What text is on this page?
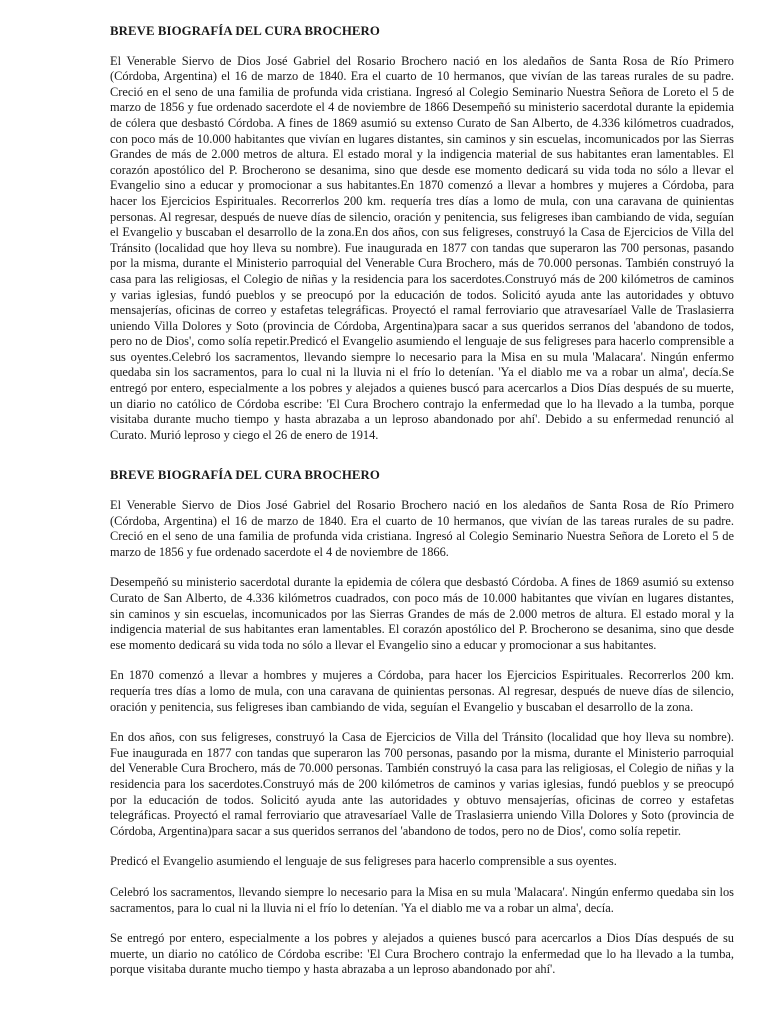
BREVE BIOGRAFÍA DEL CURA BROCHERO
El Venerable Siervo de Dios José Gabriel del Rosario Brochero nació en los aledaños de Santa Rosa de Río Primero (Córdoba, Argentina) el 16 de marzo de 1840. Era el cuarto de 10 hermanos, que vivían de las tareas rurales de su padre. Creció en el seno de una familia de profunda vida cristiana. Ingresó al Colegio Seminario Nuestra Señora de Loreto el 5 de marzo de 1856 y fue ordenado sacerdote el 4 de noviembre de 1866 Desempeñó su ministerio sacerdotal durante la epidemia de cólera que desbastó Córdoba. A fines de 1869 asumió su extenso Curato de San Alberto, de 4.336 kilómetros cuadrados, con poco más de 10.000 habitantes que vivían en lugares distantes, sin caminos y sin escuelas, incomunicados por las Sierras Grandes de más de 2.000 metros de altura. El estado moral y la indigencia material de sus habitantes eran lamentables. El corazón apostólico del P. Brocherono se desanima, sino que desde ese momento dedicará su vida toda no sólo a llevar el Evangelio sino a educar y promocionar a sus habitantes.En 1870 comenzó a llevar a hombres y mujeres a Córdoba, para hacer los Ejercicios Espirituales. Recorrerlos 200 km. requería tres días a lomo de mula, con una caravana de quinientas personas. Al regresar, después de nueve días de silencio, oración y penitencia, sus feligreses iban cambiando de vida, seguían el Evangelio y buscaban el desarrollo de la zona.En dos años, con sus feligreses, construyó la Casa de Ejercicios de Villa del Tránsito (localidad que hoy lleva su nombre). Fue inaugurada en 1877 con tandas que superaron las 700 personas, pasando por la misma, durante el Ministerio parroquial del Venerable Cura Brochero, más de 70.000 personas. También construyó la casa para las religiosas, el Colegio de niñas y la residencia para los sacerdotes.Construyó más de 200 kilómetros de caminos y varias iglesias, fundó pueblos y se preocupó por la educación de todos. Solicitó ayuda ante las autoridades y obtuvo mensajerías, oficinas de correo y estafetas telegráficas. Proyectó el ramal ferroviario que atravesaríael Valle de Traslasierra uniendo Villa Dolores y Soto (provincia de Córdoba, Argentina)para sacar a sus queridos serranos del 'abandono de todos, pero no de Dios', como solía repetir.Predicó el Evangelio asumiendo el lenguaje de sus feligreses para hacerlo comprensible a sus oyentes.Celebró los sacramentos, llevando siempre lo necesario para la Misa en su mula 'Malacara'. Ningún enfermo quedaba sin los sacramentos, para lo cual ni la lluvia ni el frío lo detenían. 'Ya el diablo me va a robar un alma', decía.Se entregó por entero, especialmente a los pobres y alejados a quienes buscó para acercarlos a Dios Días después de su muerte, un diario no católico de Córdoba escribe: 'El Cura Brochero contrajo la enfermedad que lo ha llevado a la tumba, porque visitaba durante mucho tiempo y hasta abrazaba a un leproso abandonado por ahí'. Debido a su enfermedad renunció al Curato. Murió leproso y ciego el 26 de enero de 1914.
BREVE BIOGRAFÍA DEL CURA BROCHERO
El Venerable Siervo de Dios José Gabriel del Rosario Brochero nació en los aledaños de Santa Rosa de Río Primero (Córdoba, Argentina) el 16 de marzo de 1840. Era el cuarto de 10 hermanos, que vivían de las tareas rurales de su padre. Creció en el seno de una familia de profunda vida cristiana. Ingresó al Colegio Seminario Nuestra Señora de Loreto el 5 de marzo de 1856 y fue ordenado sacerdote el 4 de noviembre de 1866.
Desempeñó su ministerio sacerdotal durante la epidemia de cólera que desbastó Córdoba. A fines de 1869 asumió su extenso Curato de San Alberto, de 4.336 kilómetros cuadrados, con poco más de 10.000 habitantes que vivían en lugares distantes, sin caminos y sin escuelas, incomunicados por las Sierras Grandes de más de 2.000 metros de altura. El estado moral y la indigencia material de sus habitantes eran lamentables. El corazón apostólico del P. Brocherono se desanima, sino que desde ese momento dedicará su vida toda no sólo a llevar el Evangelio sino a educar y promocionar a sus habitantes.
En 1870 comenzó a llevar a hombres y mujeres a Córdoba, para hacer los Ejercicios Espirituales. Recorrerlos 200 km. requería tres días a lomo de mula, con una caravana de quinientas personas. Al regresar, después de nueve días de silencio, oración y penitencia, sus feligreses iban cambiando de vida, seguían el Evangelio y buscaban el desarrollo de la zona.
En dos años, con sus feligreses, construyó la Casa de Ejercicios de Villa del Tránsito (localidad que hoy lleva su nombre). Fue inaugurada en 1877 con tandas que superaron las 700 personas, pasando por la misma, durante el Ministerio parroquial del Venerable Cura Brochero, más de 70.000 personas. También construyó la casa para las religiosas, el Colegio de niñas y la residencia para los sacerdotes.Construyó más de 200 kilómetros de caminos y varias iglesias, fundó pueblos y se preocupó por la educación de todos. Solicitó ayuda ante las autoridades y obtuvo mensajerías, oficinas de correo y estafetas telegráficas. Proyectó el ramal ferroviario que atravesaríael Valle de Traslasierra uniendo Villa Dolores y Soto (provincia de Córdoba, Argentina)para sacar a sus queridos serranos del 'abandono de todos, pero no de Dios', como solía repetir.
Predicó el Evangelio asumiendo el lenguaje de sus feligreses para hacerlo comprensible a sus oyentes.
Celebró los sacramentos, llevando siempre lo necesario para la Misa en su mula 'Malacara'. Ningún enfermo quedaba sin los sacramentos, para lo cual ni la lluvia ni el frío lo detenían. 'Ya el diablo me va a robar un alma', decía.
Se entregó por entero, especialmente a los pobres y alejados a quienes buscó para acercarlos a Dios Días después de su muerte, un diario no católico de Córdoba escribe: 'El Cura Brochero contrajo la enfermedad que lo ha llevado a la tumba, porque visitaba durante mucho tiempo y hasta abrazaba a un leproso abandonado por ahí'.
